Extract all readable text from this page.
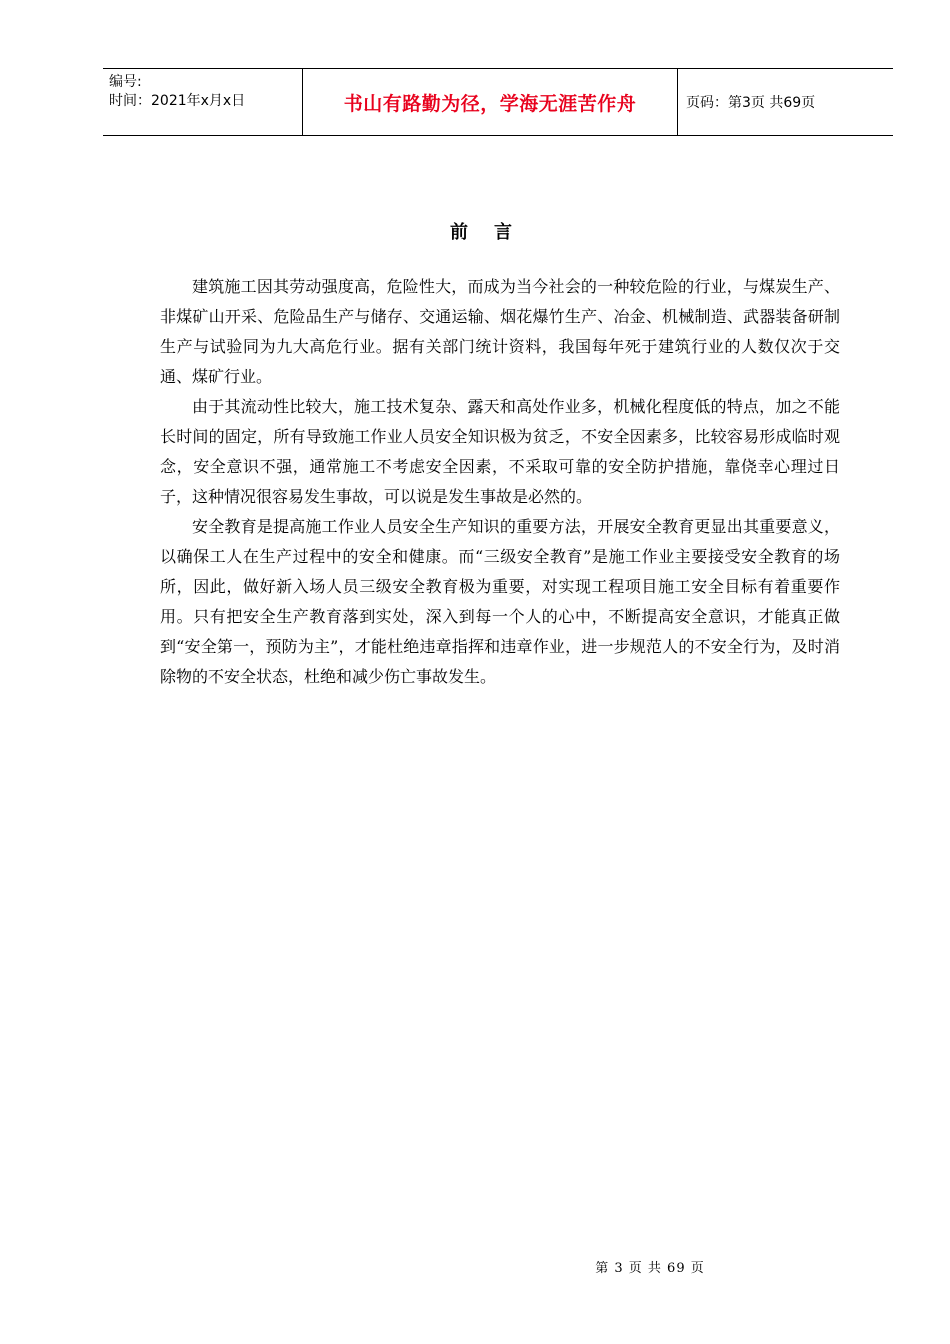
编号:
时间：2021年x月x日	书山有路勤为径，学海无涯苦作舟	页码：第3页 共69页
前言

建筑施工因其劳动强度高，危险性大，而成为当今社会的一种较危险的行业，与煤炭生产、非煤矿山开采、危险品生产与储存、交通运输、烟花爆竹生产、冶金、机械制造、武器装备研制生产与试验同为九大高危行业。据有关部门统计资料，我国每年死于建筑行业的人数仅次于交通、煤矿行业。

由于其流动性比较大，施工技术复杂、露天和高处作业多，机械化程度低的特点，加之不能长时间的固定，所有导致施工作业人员安全知识极为贫乏，不安全因素多，比较容易形成临时观念，安全意识不强，通常施工不考虑安全因素，不采取可靠的安全防护措施，靠侥幸心理过日子，这种情况很容易发生事故，可以说是发生事故是必然的。

安全教育是提高施工作业人员安全生产知识的重要方法，开展安全教育更显出其重要意义，以确保工人在生产过程中的安全和健康。而“三级安全教育”是施工作业主要接受安全教育的场所，因此，做好新入场人员三级安全教育极为重要，对实现工程项目施工安全目标有着重要作用。只有把安全生产教育落到实处，深入到每一个人的心中，不断提高安全意识，才能真正做到“安全第一，预防为主”，才能杜绝违章指挥和违章作业，进一步规范人的不安全行为，及时消除物的不安全状态，杜绝和减少伤亡事故发生。

第 3 页 共 69 页
